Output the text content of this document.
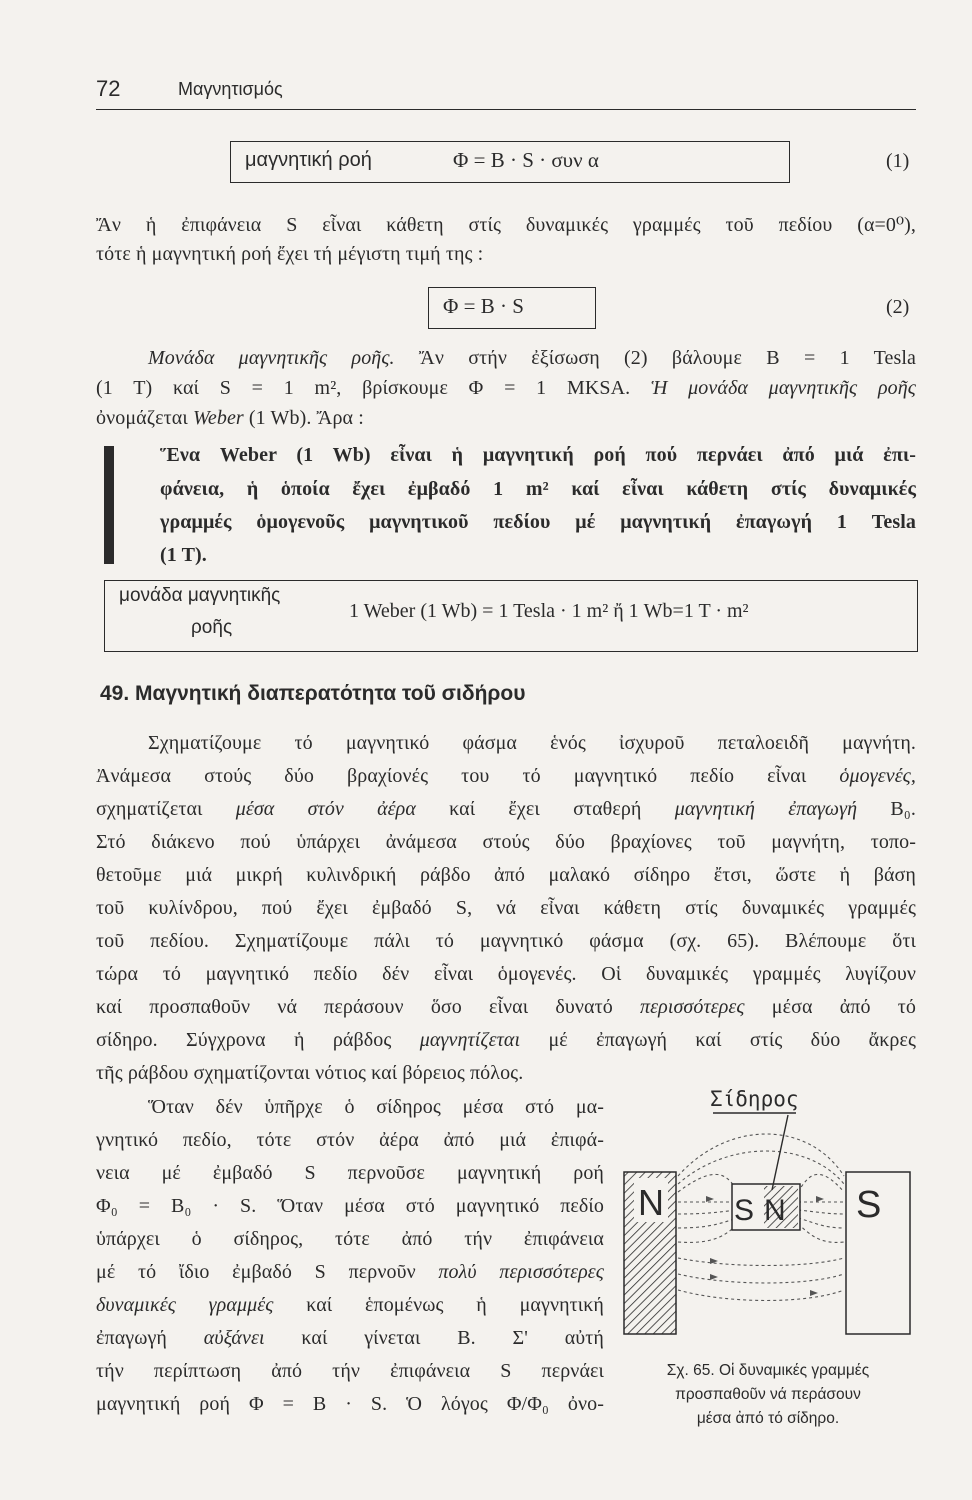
72	Μαγνητισμός
μαγνητική ροή	Φ = B · S · συν α	(1)
Ἄν ἡ ἐπιφάνεια S εἶναι κάθετη στίς δυναμικές γραμμές τοῦ πεδίου (α=0⁰),
τότε ἡ μαγνητική ροή ἔχει τή μέγιστη τιμή της :
Φ = B · S	(2)
Μονάδα μαγνητικῆς ροῆς. Ἄν στήν ἐξίσωση (2) βάλουμε B = 1 Tesla
(1 T) καί S = 1 m², βρίσκουμε Φ = 1 MKSA. Ἡ μονάδα μαγνητικῆς ροῆς
ὀνομάζεται Weber (1 Wb). Ἄρα :
Ἕνα Weber (1 Wb) εἶναι ἡ μαγνητική ροή πού περνάει ἀπό μιά ἐπι-
φάνεια, ἡ ὁποία ἔχει ἐμβαδό 1 m² καί εἶναι κάθετη στίς δυναμικές
γραμμές ὁμογενοῦς μαγνητικοῦ πεδίου μέ μαγνητική ἐπαγωγή 1 Tesla
(1 T).
μονάδα μαγνητικῆς
ροῆς
1 Weber (1 Wb) = 1 Tesla · 1 m² ἤ 1 Wb=1 T · m²
49. Μαγνητική διαπερατότητα τοῦ σιδήρου
Σχηματίζουμε τό μαγνητικό φάσμα ἑνός ἰσχυροῦ πεταλοειδῆ μαγνήτη.
Ἀνάμεσα στούς δύο βραχίονές του τό μαγνητικό πεδίο εἶναι ὁμογενές,
σχηματίζεται μέσα στόν ἀέρα καί ἔχει σταθερή μαγνητική ἐπαγωγή B₀.
Στό διάκενο πού ὑπάρχει ἀνάμεσα στούς δύο βραχίονες τοῦ μαγνήτη, τοπο-
θετοῦμε μιά μικρή κυλινδρική ράβδο ἀπό μαλακό σίδηρο ἔτσι, ὥστε ἡ βάση
τοῦ κυλίνδρου, πού ἔχει ἐμβαδό S, νά εἶναι κάθετη στίς δυναμικές γραμμές
τοῦ πεδίου. Σχηματίζουμε πάλι τό μαγνητικό φάσμα (σχ. 65). Βλέπουμε ὅτι
τώρα τό μαγνητικό πεδίο δέν εἶναι ὁμογενές. Οἱ δυναμικές γραμμές λυγίζουν
καί προσπαθοῦν νά περάσουν ὅσο εἶναι δυνατό περισσότερες μέσα ἀπό τό
σίδηρο. Σύγχρονα ἡ ράβδος μαγνητίζεται μέ ἐπαγωγή καί στίς δύο ἄκρες
τῆς ράβδου σχηματίζονται νότιος καί βόρειος πόλος.
Ὅταν δέν ὑπῆρχε ὁ σίδηρος μέσα στό μα-
γνητικό πεδίο, τότε στόν ἀέρα ἀπό μιά ἐπιφά-
νεια μέ ἐμβαδό S περνοῦσε μαγνητική ροή
Φ₀ = B₀ · S. Ὅταν μέσα στό μαγνητικό πεδίο
ὑπάρχει ὁ σίδηρος, τότε ἀπό τήν ἐπιφάνεια
μέ τό ἴδιο ἐμβαδό S περνοῦν πολύ περισσότερες
δυναμικές γραμμές καί ἑπομένως ἡ μαγνητική
ἐπαγωγή αὐξάνει καί γίνεται B. Σ' αὐτή
τήν περίπτωση ἀπό τήν ἐπιφάνεια S περνάει
μαγνητική ροή Φ = B · S. Ὁ λόγος Φ/Φ₀ ὀνο-
N	S
S N
Σίδηρος
Σχ. 65. Οἱ δυναμικές γραμμές
προσπαθοῦν νά περάσουν
μέσα ἀπό τό σίδηρο.
